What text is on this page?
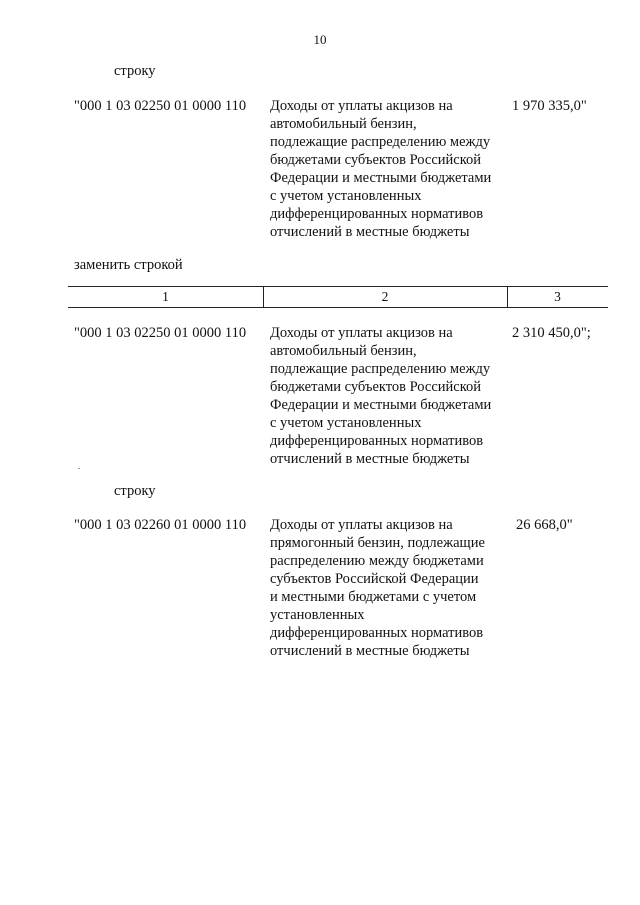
10
строку
"000 1 03 02250 01 0000 110 Доходы от уплаты акцизов на
автомобильный бензин,
подлежащие распределению между
бюджетами субъектов Российской
Федерации и местными бюджетами
с учетом установленных
дифференцированных нормативов
отчислений в местные бюджеты
1 970 335,0"
заменить строкой
1	2	3
"000 1 03 02250 01 0000 110 Доходы от уплаты акцизов на
автомобильный бензин,
подлежащие распределению между
бюджетами субъектов Российской
Федерации и местными бюджетами
с учетом установленных
дифференцированных нормативов
отчислений в местные бюджеты
2 310 450,0";
строку
"000 1 03 02260 01 0000 110 Доходы от уплаты акцизов на
прямогонный бензин, подлежащие
распределению между бюджетами
субъектов Российской Федерации
и местными бюджетами с учетом
установленных
дифференцированных нормативов
отчислений в местные бюджеты
26 668,0"
